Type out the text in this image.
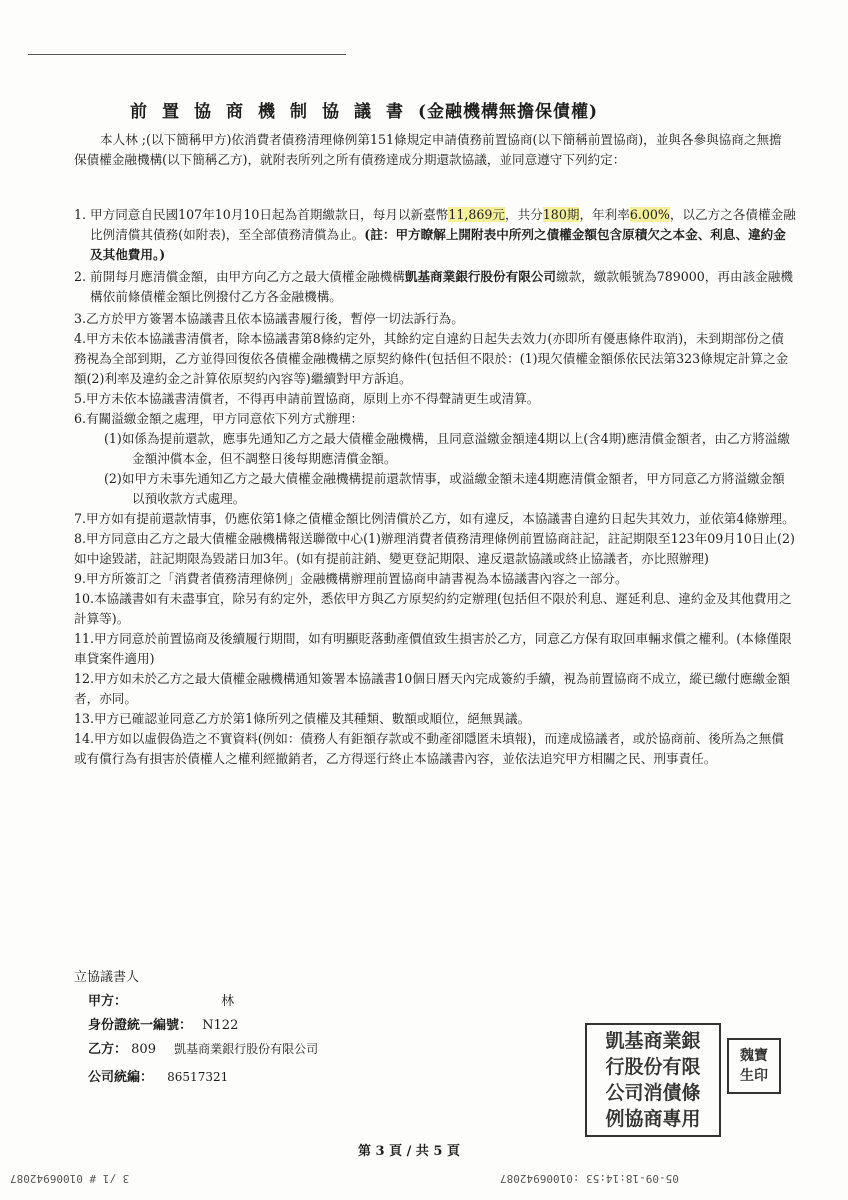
前置協商機制協議書(金融機構無擔保債權)
本人林 ;(以下簡稱甲方)依消費者債務清理條例第151條規定申請債務前置協商(以下簡稱前置協商)，並與各參與協商之無擔保債權金融機構(以下簡稱乙方)，就附表所列之所有債務達成分期還款協議，並同意遵守下列約定：
1. 甲方同意自民國107年10月10日起為首期繳款日，每月以新臺幣11,869元，共分180期，年利率6.00%，以乙方之各債權金融比例清償其債務(如附表)，至全部債務清償為止。(註：甲方瞭解上開附表中所列之債權金額包含原積欠之本金、利息、違約金及其他費用。)
2. 前開每月應清償金額，由甲方向乙方之最大債權金融機構凱基商業銀行股份有限公司繳款，繳款帳號為789000，再由該金融機構依前條債權金額比例撥付乙方各金融機構。
3.乙方於甲方簽署本協議書且依本協議書履行後，暫停一切法訴行為。
4.甲方未依本協議書清償者，除本協議書第8條約定外，其餘約定自違約日起失去效力(亦即所有優惠條件取消)，未到期部份之債務視為全部到期，乙方並得回復依各債權金融機構之原契約條件(包括但不限於：(1)現欠債權金額係依民法第323條規定計算之金額(2)利率及違約金之計算依原契約內容等)繼續對甲方訴追。
5.甲方未依本協議書清償者，不得再申請前置協商，原則上亦不得聲請更生或清算。
6.有關溢繳金額之處理，甲方同意依下列方式辦理：
(1)如係為提前還款，應事先通知乙方之最大債權金融機構，且同意溢繳金額達4期以上(含4期)應清償金額者，由乙方將溢繳金額沖償本金，但不調整日後每期應清償金額。
(2)如甲方未事先通知乙方之最大債權金融機構提前還款情事，或溢繳金額未達4期應清償金額者，甲方同意乙方將溢繳金額以預收款方式處理。
7.甲方如有提前還款情事，仍應依第1條之債權金額比例清償於乙方，如有違反，本協議書自違約日起失其效力，並依第4條辦理。
8.甲方同意由乙方之最大債權金融機構報送聯徵中心(1)辦理消費者債務清理條例前置協商註記，註記期限至123年09月10日止(2)如中途毀諾，註記期限為毀諾日加3年。(如有提前註銷、變更登記期限、違反還款協議或終止協議者，亦比照辦理)
9.甲方所簽訂之「消費者債務清理條例」金融機構辦理前置協商申請書視為本協議書內容之一部分。
10.本協議書如有未盡事宜，除另有約定外，悉依甲方與乙方原契約約定辦理(包括但不限於利息、遲延利息、違約金及其他費用之計算等)。
11.甲方同意於前置協商及後續履行期間，如有明顯貶落動產價值致生損害於乙方，同意乙方保有取回車輛求償之權利。(本條僅限車貸案件適用)
12.甲方如未於乙方之最大債權金融機構通知簽署本協議書10個日曆天內完成簽約手續，視為前置協商不成立，縱已繳付應繳金額者，亦同。
13.甲方已確認並同意乙方於第1條所列之債權及其種類、數額或順位，絕無異議。
14.甲方如以虛假偽造之不實資料(例如：債務人有鉅額存款或不動產卻隱匿未填報)，而達成協議者，或於協商前、後所為之無償或有償行為有損害於債權人之權利經撤銷者，乙方得逕行終止本協議書內容，並依法追究甲方相關之民、刑事責任。
立協議書人
甲方：	林
身份證統一編號： N122
乙方： 809 凱基商業銀行股份有限公司
公司統編： 86517321
凱基商業銀行股份有限公司消債條例協商專用
魏寶生印
第 3 頁 / 共 5 頁
3 /1 # 01006942087	05-09-18:14:53 :01006942087
